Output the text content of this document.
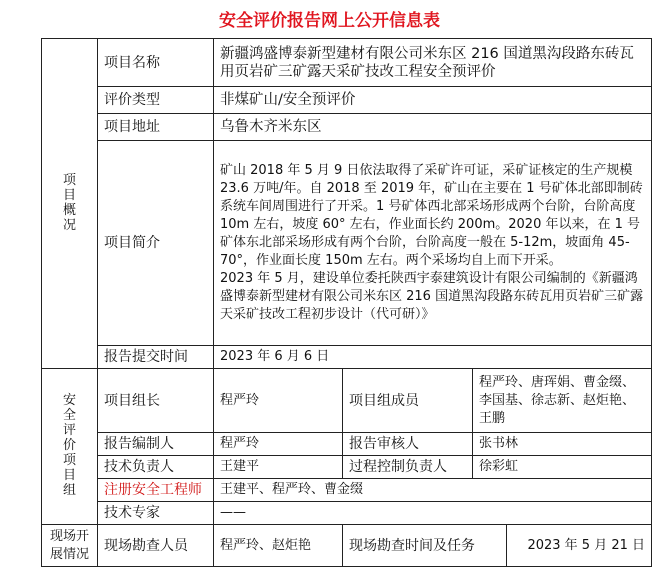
安全评价报告网上公开信息表
项目概况	项目名称	新疆鸿盛博泰新型建材有限公司米东区 216 国道黑沟段路东砖瓦用页岩矿三矿露天采矿技改工程安全预评价			
	评价类型	非煤矿山/安全预评价			
	项目地址	乌鲁木齐米东区			
	项目简介	矿山 2018 年 5 月 9 日依法取得了采矿许可证，采矿证核定的生产规模 23.6 万吨/年。自 2018 至 2019 年，矿山在主要在 1 号矿体北部即制砖系统车间周围进行了开采。1 号矿体西北部采场形成两个台阶，台阶高度 10m 左右，坡度 60° 左右，作业面长约 200m。2020 年以来，在 1 号矿体东北部采场形成有两个台阶，台阶高度一般在 5-12m，坡面角 45-70°，作业面长度 150m 左右。两个采场均自上而下开采。

2023 年 5 月，建设单位委托陕西宇泰建筑设计有限公司编制的《新疆鸿盛博泰新型建材有限公司米东区 216 国道黑沟段路东砖瓦用页岩矿三矿露天采矿技改工程初步设计（代可研）》			

	报告提交时间	2023 年 6 月 6 日			
安全评价项目组	项目组长	程严玲	项目组成员	程严玲、唐珲娟、曹金缀、李国基、徐志新、赵炬艳、王鹏	
	报告编制人	程严玲	报告审核人	张书林	
	技术负责人	王建平	过程控制负责人	徐彩虹	
	注册安全工程师	王建平、程严玲、曹金缀			
	技术专家	——			
现场开展情况	现场勘查人员	程严玲、赵炬艳	现场勘查时间及任务		2023 年 5 月 21 日
